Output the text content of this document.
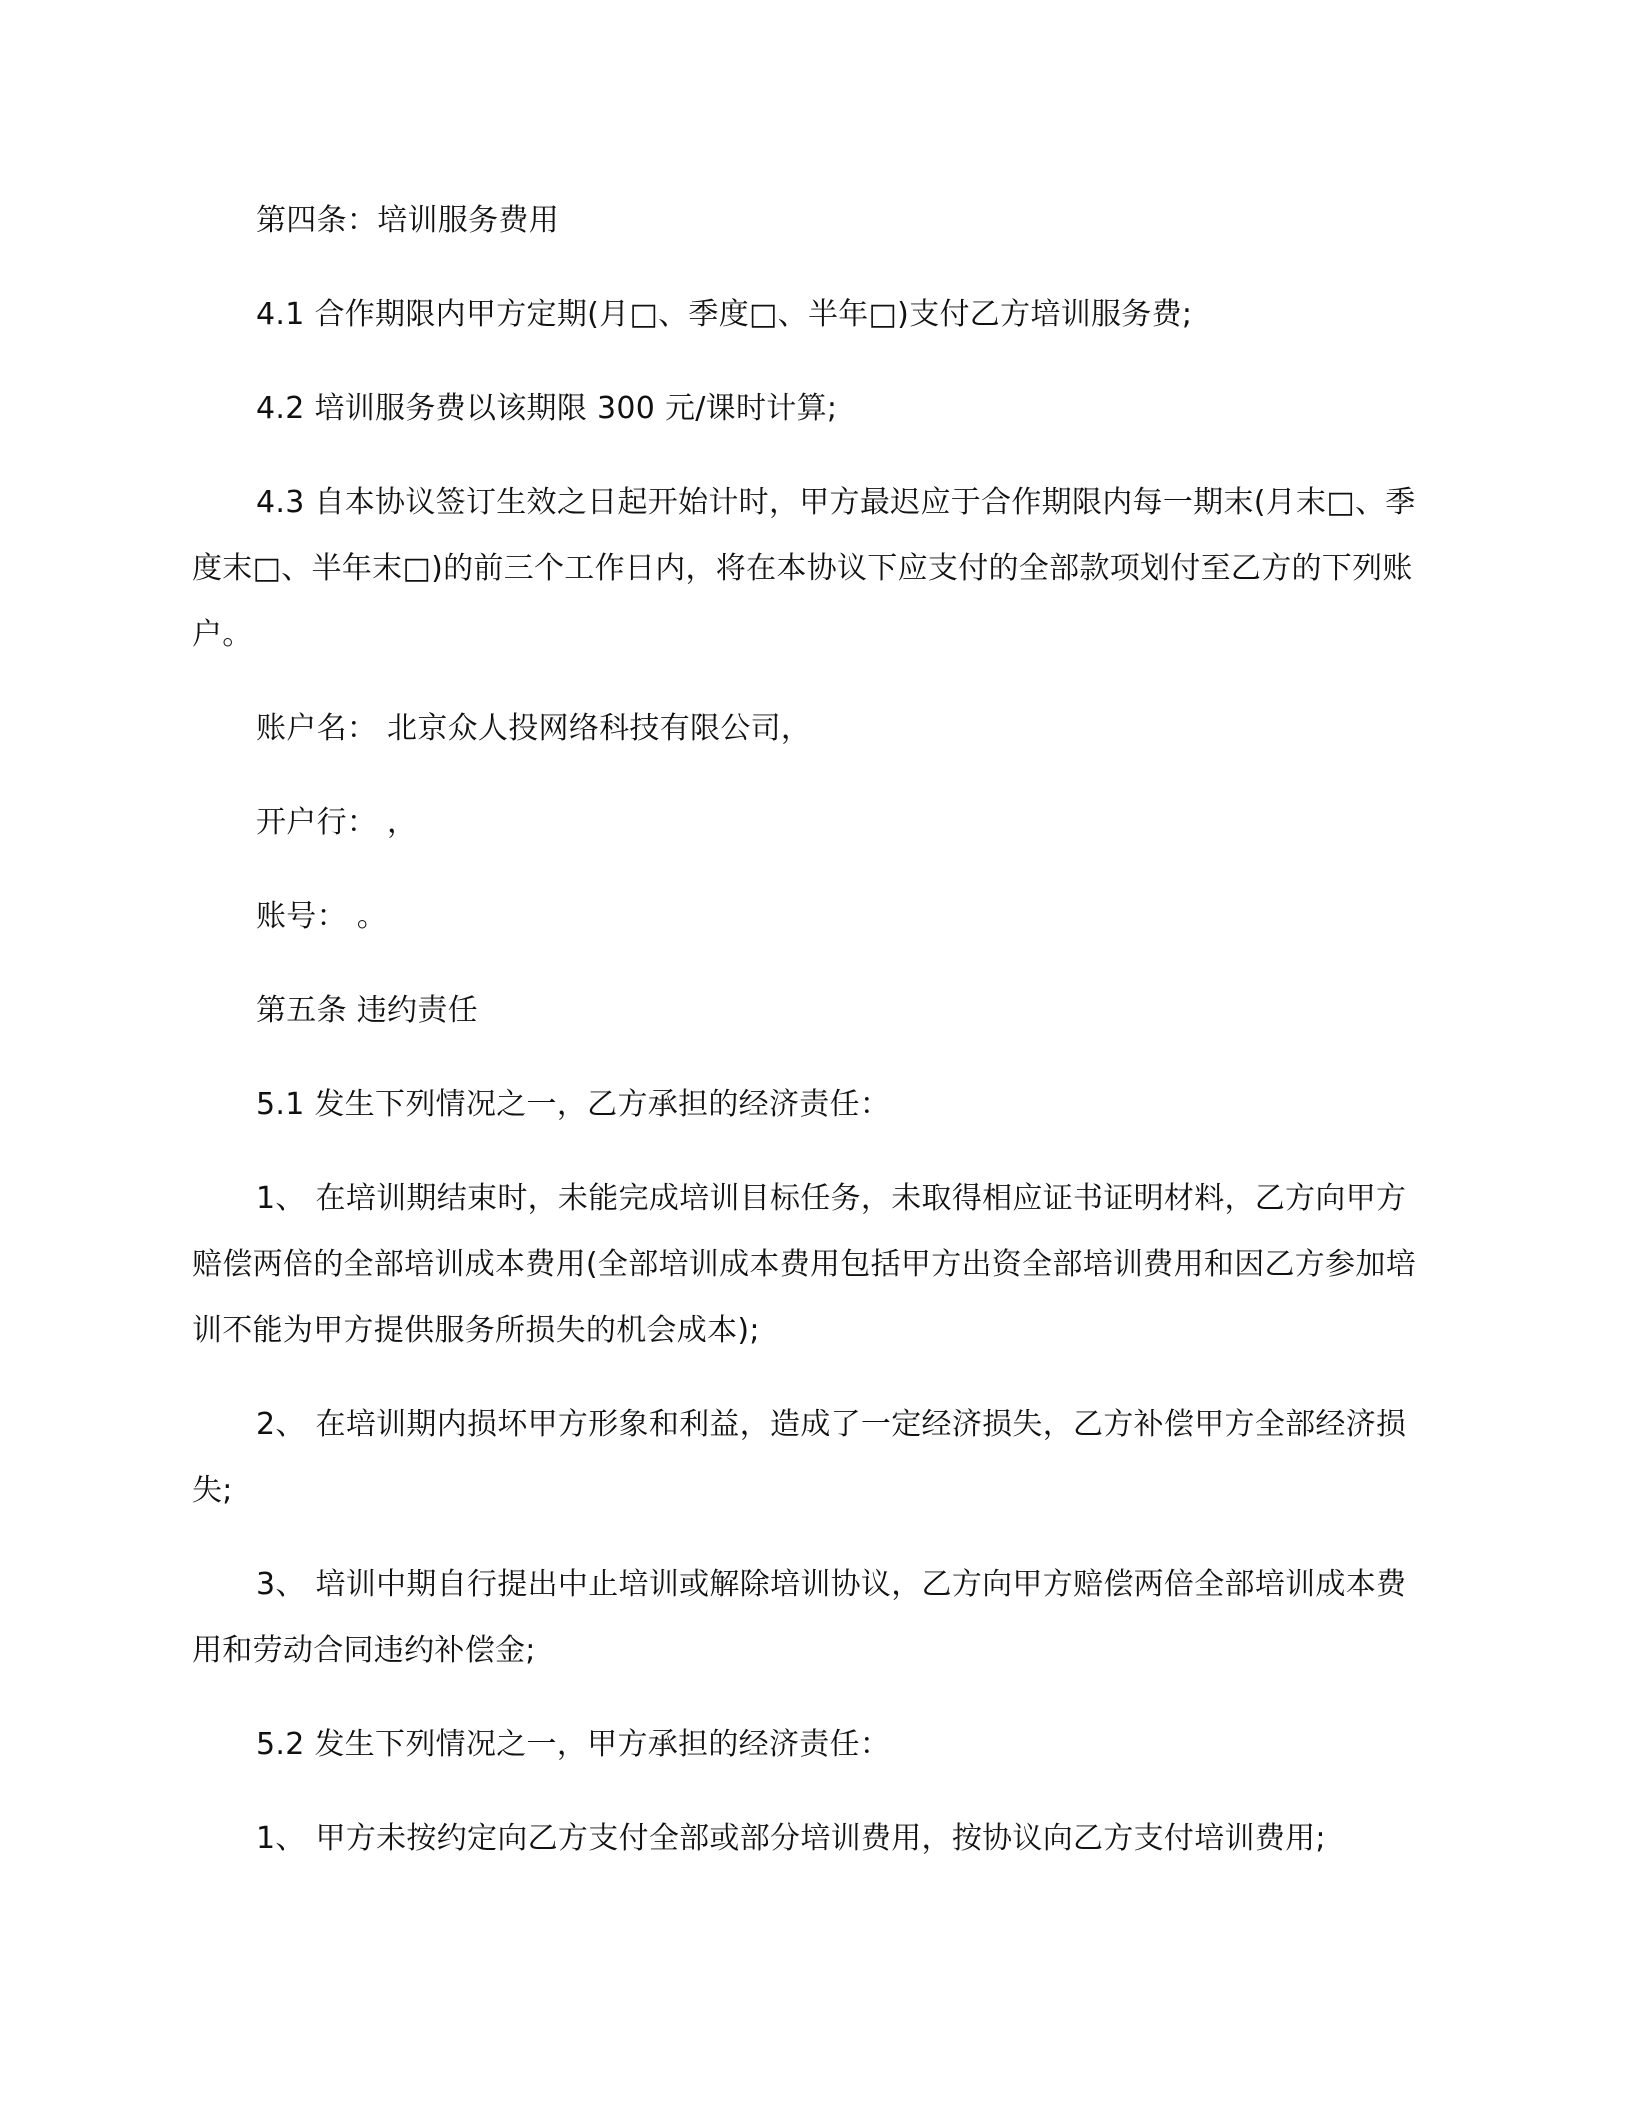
第四条：培训服务费用

4.1 合作期限内甲方定期(月□、季度□、半年□)支付乙方培训服务费;

4.2 培训服务费以该期限 300 元/课时计算;

4.3 自本协议签订生效之日起开始计时，甲方最迟应于合作期限内每一期末(月末□、季度末□、半年末□)的前三个工作日内，将在本协议下应支付的全部款项划付至乙方的下列账户。

账户名： 北京众人投网络科技有限公司，

开户行： ，

账号： 。

第五条 违约责任

5.1 发生下列情况之一，乙方承担的经济责任：

1、 在培训期结束时，未能完成培训目标任务，未取得相应证书证明材料，乙方向甲方赔偿两倍的全部培训成本费用(全部培训成本费用包括甲方出资全部培训费用和因乙方参加培训不能为甲方提供服务所损失的机会成本);

2、 在培训期内损坏甲方形象和利益，造成了一定经济损失，乙方补偿甲方全部经济损失;

3、 培训中期自行提出中止培训或解除培训协议，乙方向甲方赔偿两倍全部培训成本费用和劳动合同违约补偿金;

5.2 发生下列情况之一，甲方承担的经济责任：

1、 甲方未按约定向乙方支付全部或部分培训费用，按协议向乙方支付培训费用;
